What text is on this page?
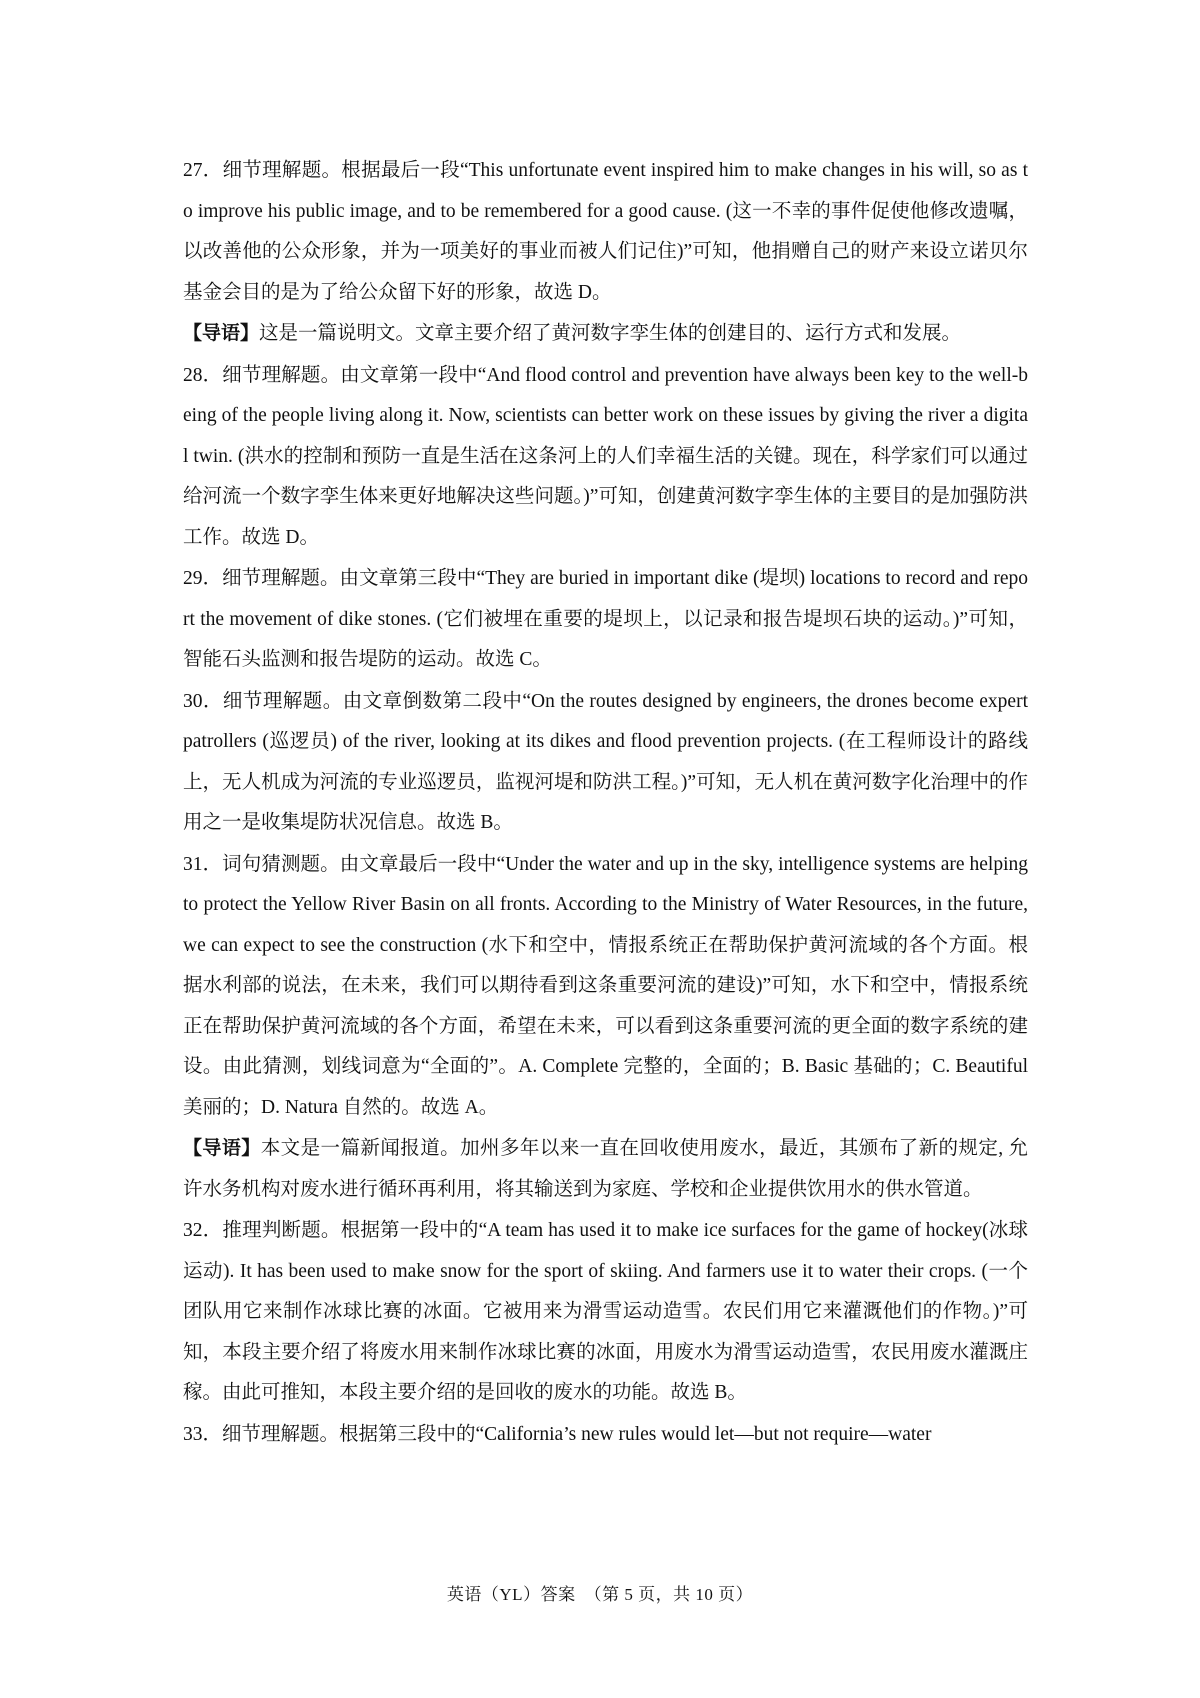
27．细节理解题。根据最后一段“This unfortunate event inspired him to make changes in his will, so as to improve his public image, and to be remembered for a good cause. (这一不幸的事件促使他修改遗嘱，以改善他的公众形象，并为一项美好的事业而被人们记住)”可知，他捐赠自己的财产来设立诺贝尔基金会目的是为了给公众留下好的形象，故选 D。

【导语】这是一篇说明文。文章主要介绍了黄河数字孪生体的创建目的、运行方式和发展。

28．细节理解题。由文章第一段中“And flood control and prevention have always been key to the well-being of the people living along it. Now, scientists can better work on these issues by giving the river a digital twin. (洪水的控制和预防一直是生活在这条河上的人们幸福生活的关键。现在，科学家们可以通过给河流一个数字孪生体来更好地解决这些问题。)”可知，创建黄河数字孪生体的主要目的是加强防洪工作。故选 D。

29．细节理解题。由文章第三段中“They are buried in important dike (堤坝) locations to record and report the movement of dike stones. (它们被埋在重要的堤坝上，以记录和报告堤坝石块的运动。)”可知，智能石头监测和报告堤防的运动。故选 C。

30．细节理解题。由文章倒数第二段中“On the routes designed by engineers, the drones become expert patrollers (巡逻员) of the river, looking at its dikes and flood prevention projects. (在工程师设计的路线上，无人机成为河流的专业巡逻员，监视河堤和防洪工程。)”可知，无人机在黄河数字化治理中的作用之一是收集堤防状况信息。故选 B。

31．词句猜测题。由文章最后一段中“Under the water and up in the sky, intelligence systems are helping to protect the Yellow River Basin on all fronts. According to the Ministry of Water Resources, in the future, we can expect to see the construction (水下和空中，情报系统正在帮助保护黄河流域的各个方面。根据水利部的说法，在未来，我们可以期待看到这条重要河流的建设)”可知，水下和空中，情报系统正在帮助保护黄河流域的各个方面，希望在未来，可以看到这条重要河流的更全面的数字系统的建设。由此猜测，划线词意为“全面的”。A. Complete 完整的，全面的；B. Basic 基础的；C. Beautiful 美丽的；D. Natura 自然的。故选 A。

【导语】本文是一篇新闻报道。加州多年以来一直在回收使用废水，最近，其颁布了新的规定, 允许水务机构对废水进行循环再利用，将其输送到为家庭、学校和企业提供饮用水的供水管道。

32．推理判断题。根据第一段中的“A team has used it to make ice surfaces for the game of hockey(冰球运动). It has been used to make snow for the sport of skiing. And farmers use it to water their crops. (一个团队用它来制作冰球比赛的冰面。它被用来为滑雪运动造雪。农民们用它来灌溉他们的作物。)”可知，本段主要介绍了将废水用来制作冰球比赛的冰面，用废水为滑雪运动造雪，农民用废水灌溉庄稼。由此可推知，本段主要介绍的是回收的废水的功能。故选 B。

33．细节理解题。根据第三段中的“California’s new rules would let—but not require—water

英语（YL）答案　（第 5 页，共 10 页）
